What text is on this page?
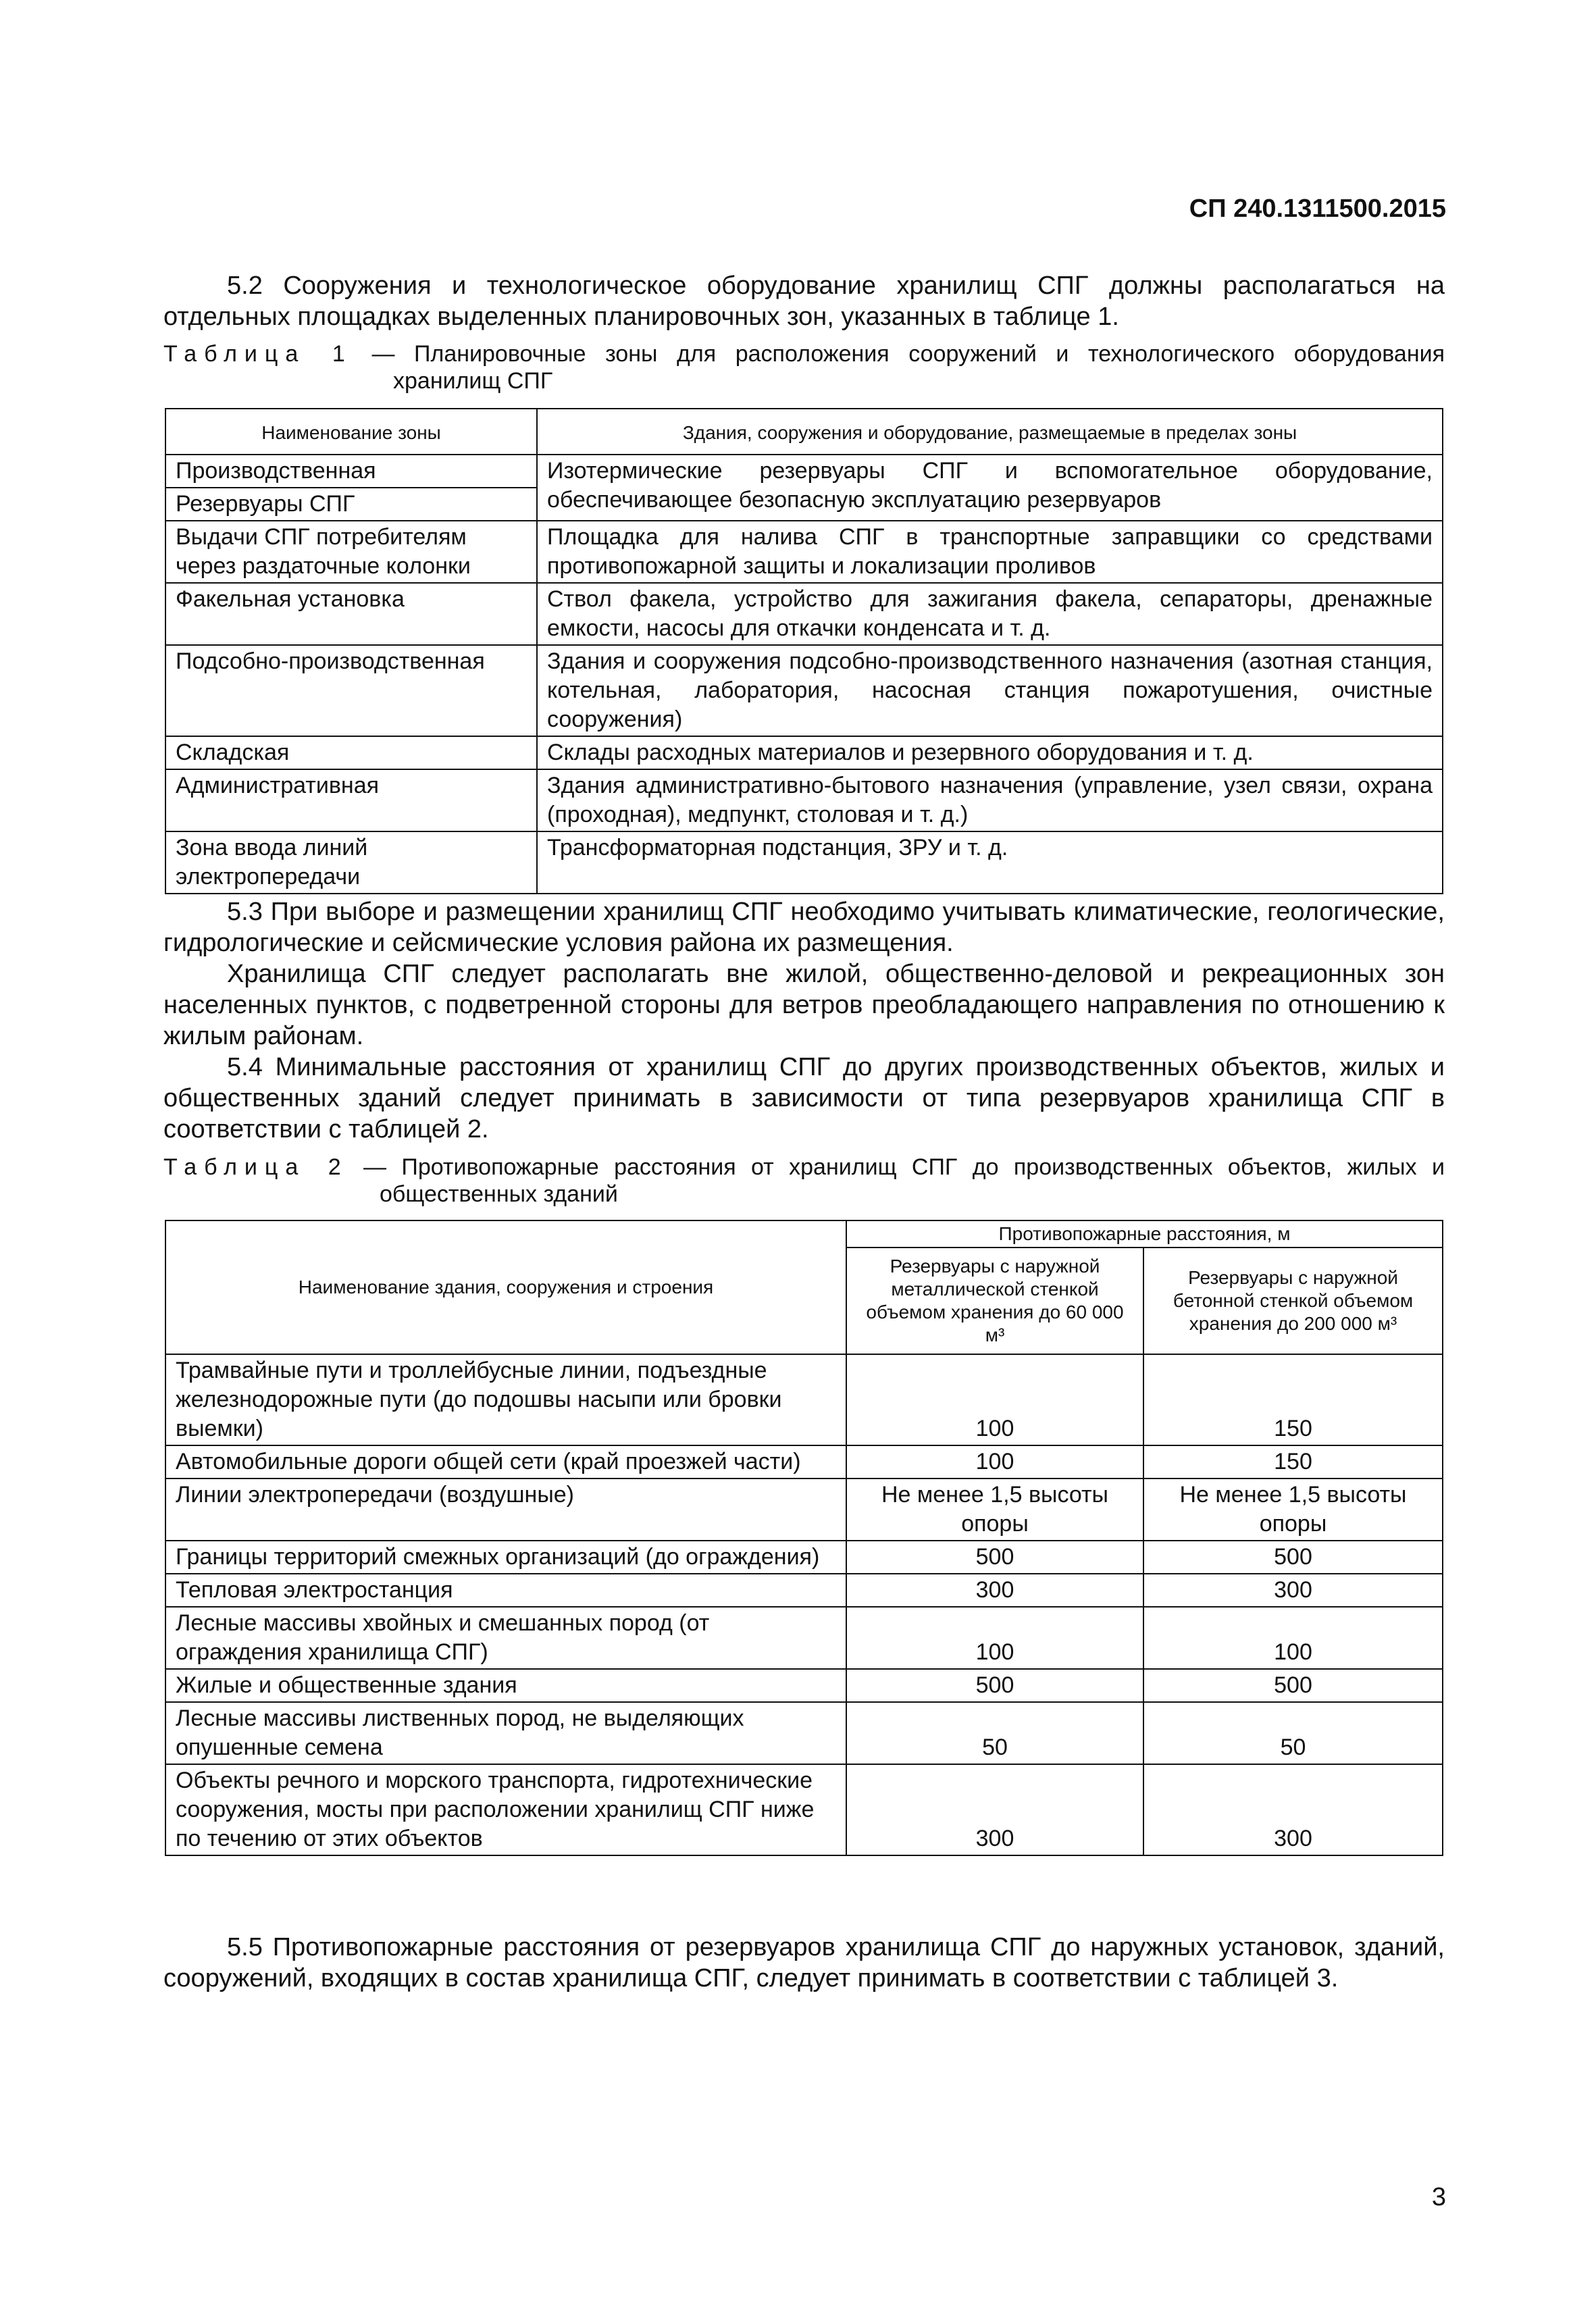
СП 240.1311500.2015

5.2 Сооружения и технологическое оборудование хранилищ СПГ должны располагаться на отдельных площадках выделенных планировочных зон, указанных в таблице 1.

Таблица 1 — Планировочные зоны для расположения сооружений и технологического оборудования
хранилищ СПГ
Наименование зоны	Здания, сооружения и оборудование, размещаемые в пределах зоны
Производственная	Изотермические резервуары СПГ и вспомогательное оборудование, обеспечивающее безопасную эксплуатацию резервуаров
Резервуары СПГ	
Выдачи СПГ потребителям через раздаточные колонки	Площадка для налива СПГ в транспортные заправщики со средствами противопожарной защиты и локализации проливов
Факельная установка	Ствол факела, устройство для зажигания факела, сепараторы, дренажные емкости, насосы для откачки конденсата и т. д.
Подсобно-производственная	Здания и сооружения подсобно-производственного назначения (азотная станция, котельная, лаборатория, насосная станция пожаротушения, очистные сооружения)
Складская	Склады расходных материалов и резервного оборудования и т. д.
Административная	Здания административно-бытового назначения (управление, узел связи, охрана (проходная), медпункт, столовая и т. д.)
Зона ввода линий электропередачи	Трансформаторная подстанция, ЗРУ и т. д.

5.3 При выборе и размещении хранилищ СПГ необходимо учитывать климатические, геологические, гидрологические и сейсмические условия района их размещения.

Хранилища СПГ следует располагать вне жилой, общественно-деловой и рекреационных зон населенных пунктов, с подветренной стороны для ветров преобладающего направления по отношению к жилым районам.

5.4 Минимальные расстояния от хранилищ СПГ до других производственных объектов, жилых и общественных зданий следует принимать в зависимости от типа резервуаров хранилища СПГ в соответствии с таблицей 2.

Таблица 2 — Противопожарные расстояния от хранилищ СПГ до производственных объектов, жилых и
общественных зданий
Наименование здания, сооружения и строения	Противопожарные расстояния, м	
	Резервуары с наружной металлической стенкой объемом хранения до 60 000 м³	Резервуары с наружной бетонной стенкой объемом хранения до 200 000 м³
Трамвайные пути и троллейбусные линии, подъездные железнодорожные пути (до подошвы насыпи или бровки выемки)	100	150
Автомобильные дороги общей сети (край проезжей части)	100	150
Линии электропередачи (воздушные)	Не менее 1,5 высоты опоры	Не менее 1,5 высоты опоры
Границы территорий смежных организаций (до ограждения)	500	500
Тепловая электростанция	300	300
Лесные массивы хвойных и смешанных пород (от ограждения хранилища СПГ)	100	100
Жилые и общественные здания	500	500
Лесные массивы лиственных пород, не выделяющих опушенные семена	50	50
Объекты речного и морского транспорта, гидротехнические сооружения, мосты при расположении хранилищ СПГ ниже по течению от этих объектов	300	300

5.5 Противопожарные расстояния от резервуаров хранилища СПГ до наружных установок, зданий, сооружений, входящих в состав хранилища СПГ, следует принимать в соответствии с таблицей 3.

3
